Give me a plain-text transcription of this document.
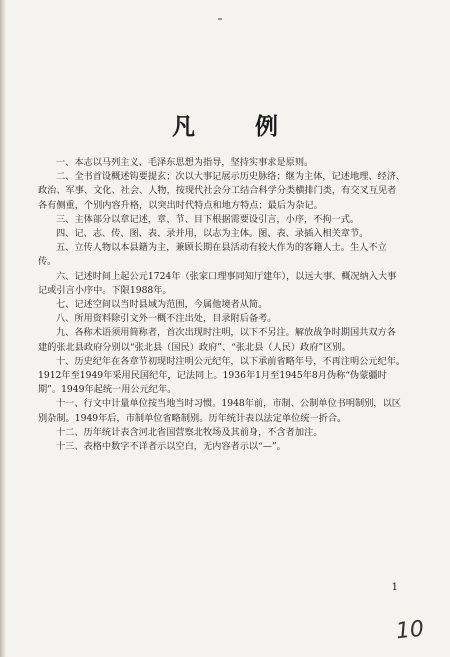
凡 例
一、本志以马列主义、毛泽东思想为指导，坚持实事求是原则。
二、全书首设概述钩要提玄；次以大事记展示历史脉络；继为主体，记述地理、经济、
政治、军事、文化、社会、人物，按现代社会分工结合科学分类横排门类，有交叉互见者
各有侧重，个别内容升格，以突出时代特点和地方特点；最后为杂记。
三、主体部分以章记述，章、节、目下根据需要设引言，小序，不拘一式。
四、记、志、传、图、表、录并用，以志为主体。图、表、录插入相关章节。
五、立传人物以本县籍为主，兼顾长期在县活动有较大作为的客籍人士。生人不立
传。
六、记述时间上起公元1724年（张家口理事同知厅建年），以远大事、概况纳入大事
记或引言小序中。下限1988年。
七、记述空间以当时县域为范围，今属他境者从简。
八、所用资料除引文外一概不注出处，目录附后备考。
九、各称术语须用简称者，首次出现时注明，以下不另注。解放战争时期国共双方各
建的张北县政府分别以“张北县（国民）政府”、“张北县（人民）政府”区别。
十、历史纪年在各章节初现时注明公元纪年，以下承前省略年号，不再注明公元纪年。
1912年至1949年采用民国纪年，记法同上。1936年1月至1945年8月伪称“伪蒙疆时
期”。1949年起统一用公元纪年。
十一、行文中计量单位按当地当时习惯。1948年前，市制、公制单位书明制别，以区
别杂制。1949年后，市制单位省略制别。历年统计表以法定单位统一折合。
十二、历年统计表含河北省国营察北牧场及其前身，不含者加注。
十三、表格中数字不详者示以空白，无内容者示以“—”。
1
10
